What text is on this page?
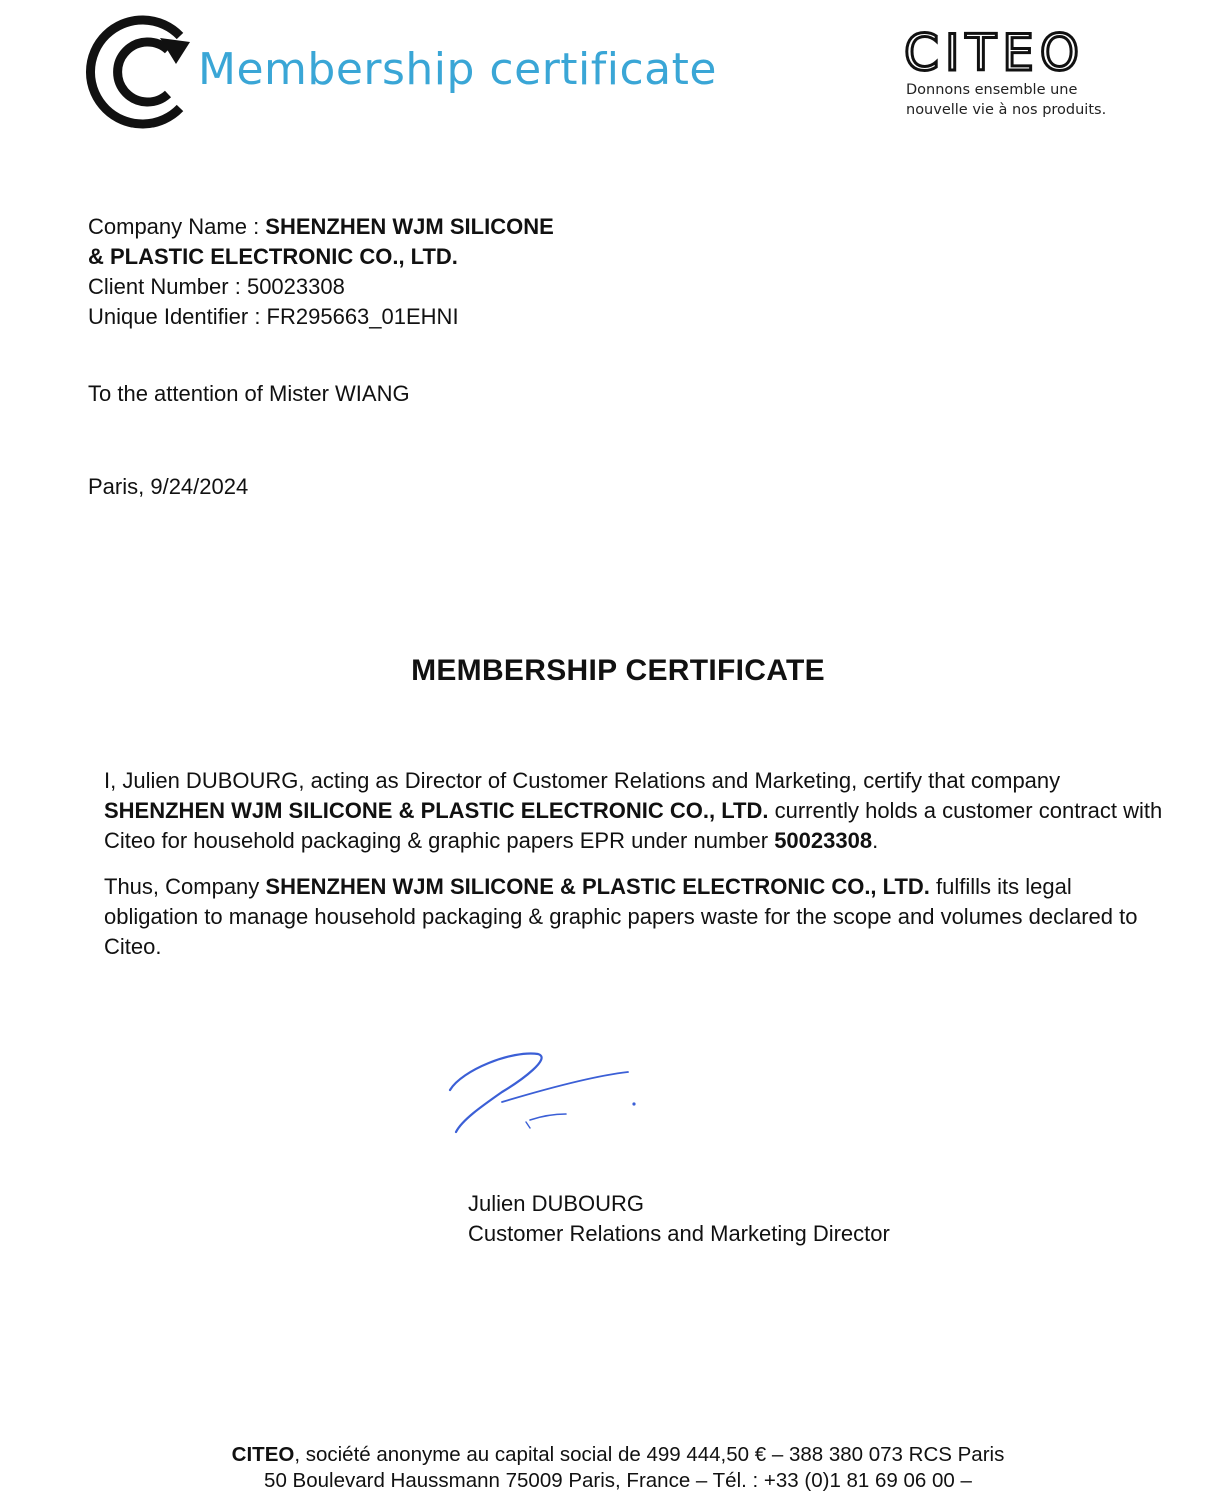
Membership certificate	CITEO
Donnons ensemble une
nouvelle vie à nos produits.
Company Name : SHENZHEN WJM SILICONE
& PLASTIC ELECTRONIC CO., LTD.
Client Number : 50023308
Unique Identifier : FR295663_01EHNI
To the attention of Mister WIANG
Paris, 9/24/2024
MEMBERSHIP CERTIFICATE

I, Julien DUBOURG, acting as Director of Customer Relations and Marketing, certify that company SHENZHEN WJM SILICONE & PLASTIC ELECTRONIC CO., LTD. currently holds a customer contract with Citeo for household packaging & graphic papers EPR under number 50023308.

Thus, Company SHENZHEN WJM SILICONE & PLASTIC ELECTRONIC CO., LTD. fulfills its legal obligation to manage household packaging & graphic papers waste for the scope and volumes declared to Citeo.

Julien DUBOURG
Customer Relations and Marketing Director
CITEO, société anonyme au capital social de 499 444,50 € – 388 380 073 RCS Paris
50 Boulevard Haussmann 75009 Paris, France – Tél. : +33 (0)1 81 69 06 00 –
